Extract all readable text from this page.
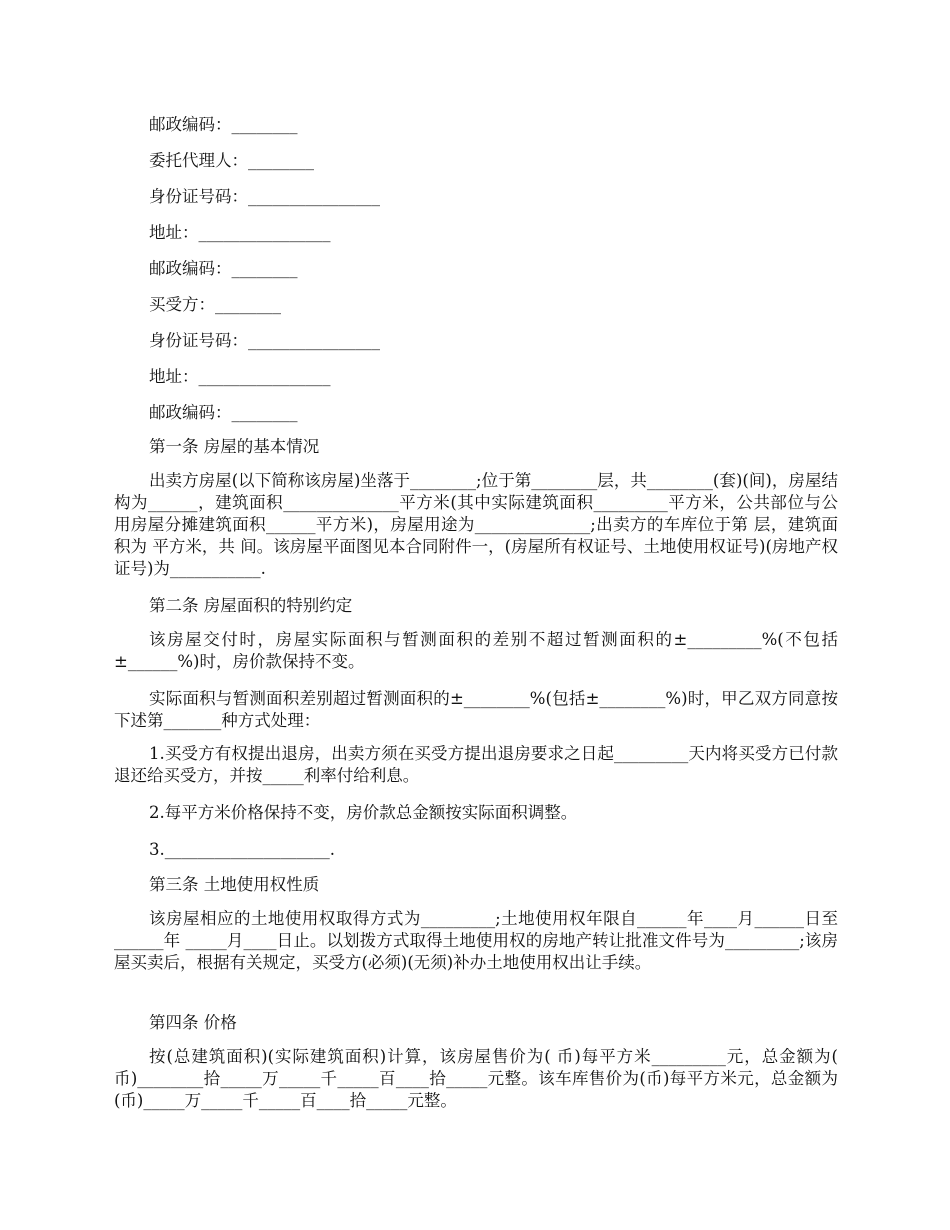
邮政编码：________
委托代理人：________
身份证号码：________________
地址：________________
邮政编码：________
买受方：________
身份证号码：________________
地址：________________
邮政编码：________
第一条 房屋的基本情况

出卖方房屋(以下简称该房屋)坐落于________;位于第________层，共________(套)(间)，房屋结构为______，建筑面积______________平方米(其中实际建筑面积_________平方米，公共部位与公用房屋分摊建筑面积______平方米)，房屋用途为______________;出卖方的车库位于第 层，建筑面积为 平方米，共 间。该房屋平面图见本合同附件一，(房屋所有权证号、土地使用权证号)(房地产权证号)为___________.

第二条 房屋面积的特别约定

该房屋交付时，房屋实际面积与暂测面积的差别不超过暂测面积的±_________%(不包括±______%)时，房价款保持不变。

实际面积与暂测面积差别超过暂测面积的±________%(包括±________%)时，甲乙双方同意按下述第_______种方式处理：

1.买受方有权提出退房，出卖方须在买受方提出退房要求之日起_________天内将买受方已付款退还给买受方，并按_____利率付给利息。

2.每平方米价格保持不变，房价款总金额按实际面积调整。
3.____________________.
第三条 土地使用权性质

该房屋相应的土地使用权取得方式为_________;土地使用权年限自______年____月______日至______年 _____月____日止。以划拨方式取得土地使用权的房地产转让批准文件号为_________;该房屋买卖后，根据有关规定，买受方(必须)(无须)补办土地使用权出让手续。

第四条 价格

按(总建筑面积)(实际建筑面积)计算，该房屋售价为( 币)每平方米_________元，总金额为( 币)________拾_____万_____千_____百____拾_____元整。该车库售价为(币)每平方米元，总金额为(币)_____万_____千_____百____拾_____元整。
